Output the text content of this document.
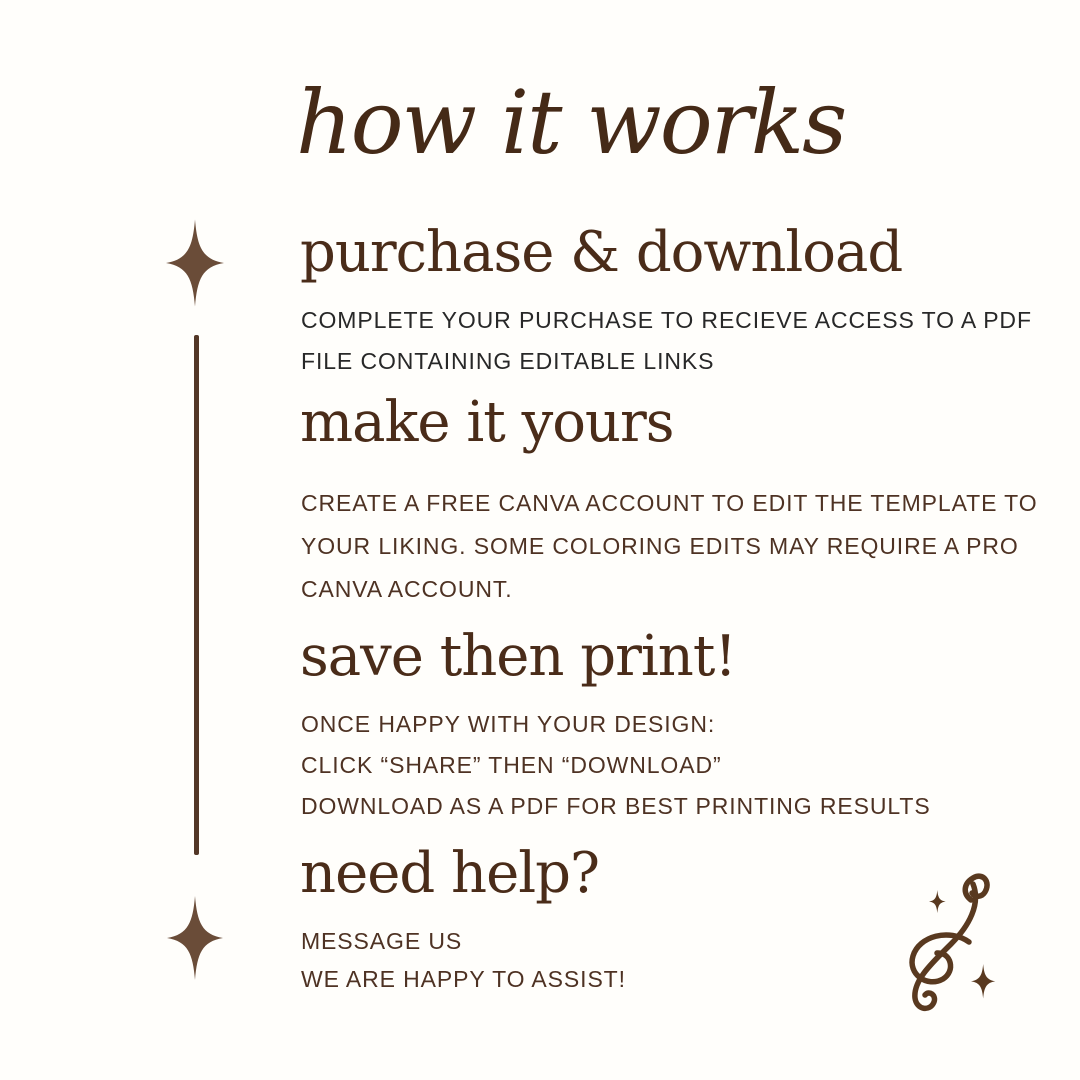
how it works
purchase & download
COMPLETE YOUR PURCHASE TO RECIEVE ACCESS TO A PDF
FILE CONTAINING EDITABLE LINKS
make it yours
CREATE A FREE CANVA ACCOUNT TO EDIT THE TEMPLATE TO
YOUR LIKING. SOME COLORING EDITS MAY REQUIRE A PRO
CANVA ACCOUNT.
save then print!
ONCE HAPPY WITH YOUR DESIGN:
CLICK “SHARE” THEN “DOWNLOAD”
DOWNLOAD AS A PDF FOR BEST PRINTING RESULTS
need help?
MESSAGE US
WE ARE HAPPY TO ASSIST!
